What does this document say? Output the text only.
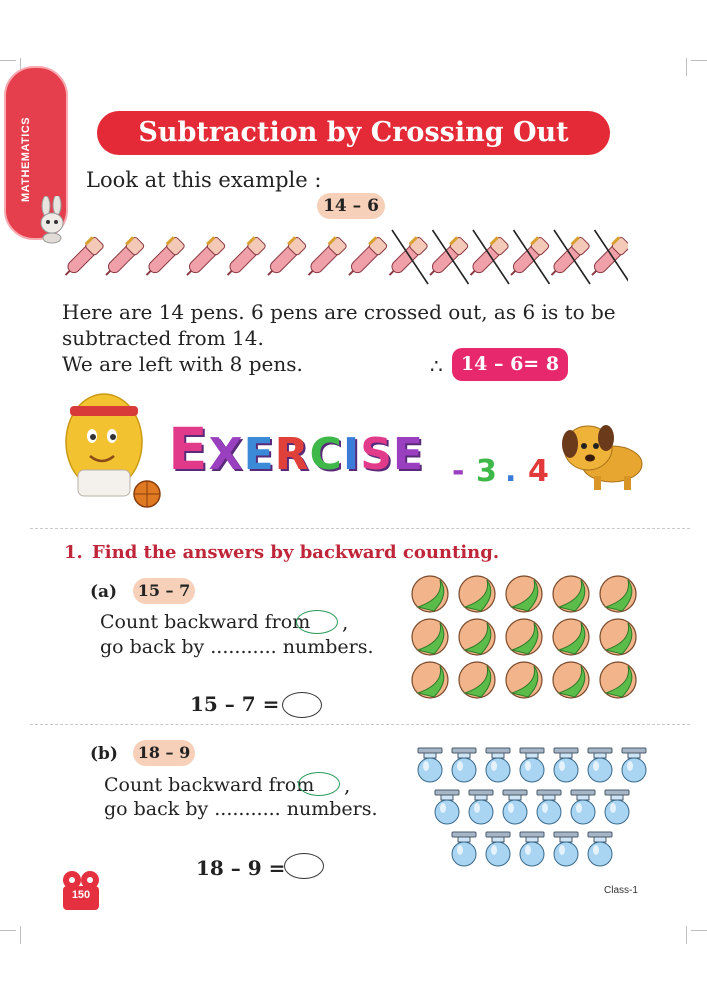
MATHEMATICS	Subtraction by Crossing Out
Look at this example :
14 – 6
Here are 14 pens. 6 pens are crossed out, as 6 is to be
subtracted from 14.
We are left with 8 pens.	∴ 14 – 6= 8
EXERCISE - 3 . 4
1. Find the answers by backward counting.
(a) 15 – 7
Count backward from ,
go back by ........... numbers.
15 – 7 =
(b) 18 – 9
Count backward from ,
go back by ........... numbers.
18 – 9 =
150	Class-1
